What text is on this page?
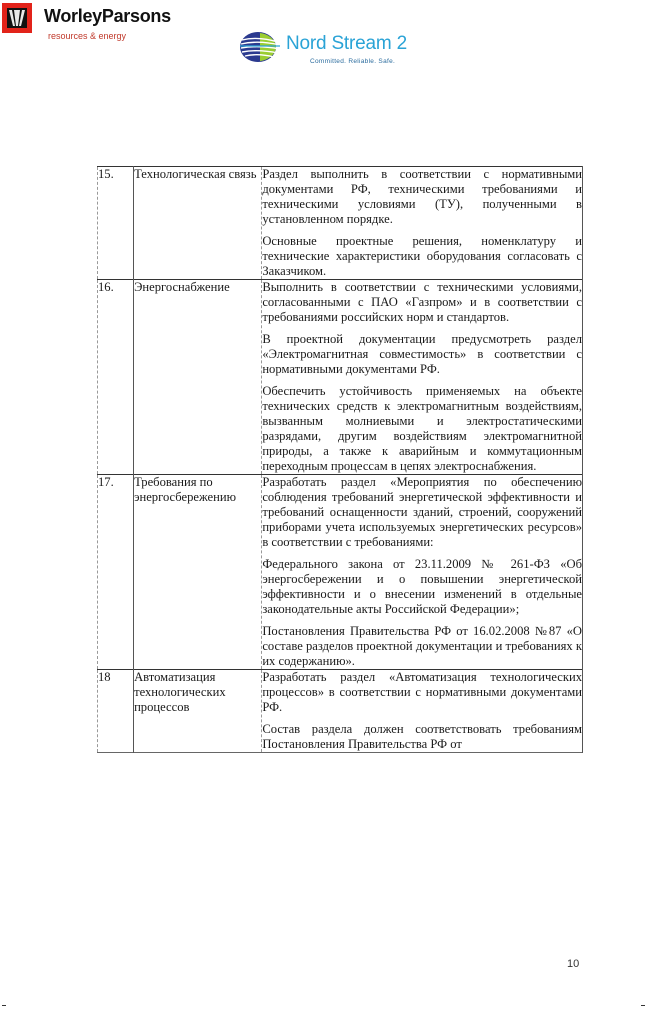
WorleyParsons
resources & energy	Nord Stream 2
Committed. Reliable. Safe.
15.	Технологическая связь	Раздел выполнить в соответствии с нормативными документами РФ, техническими требованиями и техническими условиями (ТУ), полученными в установленном порядке.

Основные проектные решения, номенклатуру и технические характеристики оборудования согласовать с Заказчиком.

16.	Энергоснабжение	Выполнить в соответствии с техническими условиями, согласованными с ПАО «Газпром» и в соответствии с требованиями российских норм и стандартов.

В проектной документации предусмотреть раздел «Электромагнитная совместимость» в соответствии с нормативными документами РФ.

Обеспечить устойчивость применяемых на объекте технических средств к электромагнитным воздействиям, вызванным молниевыми и электростатическими разрядами, другим воздействиям электромагнитной природы, а также к аварийным и коммутационным переходным процессам в цепях электроснабжения.

17.	Требования по энергосбережению	Разработать раздел «Мероприятия по обеспечению соблюдения требований энергетической эффективности и требований оснащенности зданий, строений, сооружений приборами учета используемых энергетических ресурсов» в соответствии с требованиями:

Федерального закона от 23.11.2009 № 261-ФЗ «Об энергосбережении и о повышении энергетической эффективности и о внесении изменений в отдельные законодательные акты Российской Федерации»;

Постановления Правительства РФ от 16.02.2008 №87 «О составе разделов проектной документации и требованиях к их содержанию».

18	Автоматизация технологических процессов	Разработать раздел «Автоматизация технологических процессов» в соответствии с нормативными документами РФ.

Состав раздела должен соответствовать требованиям Постановления Правительства РФ от

10
